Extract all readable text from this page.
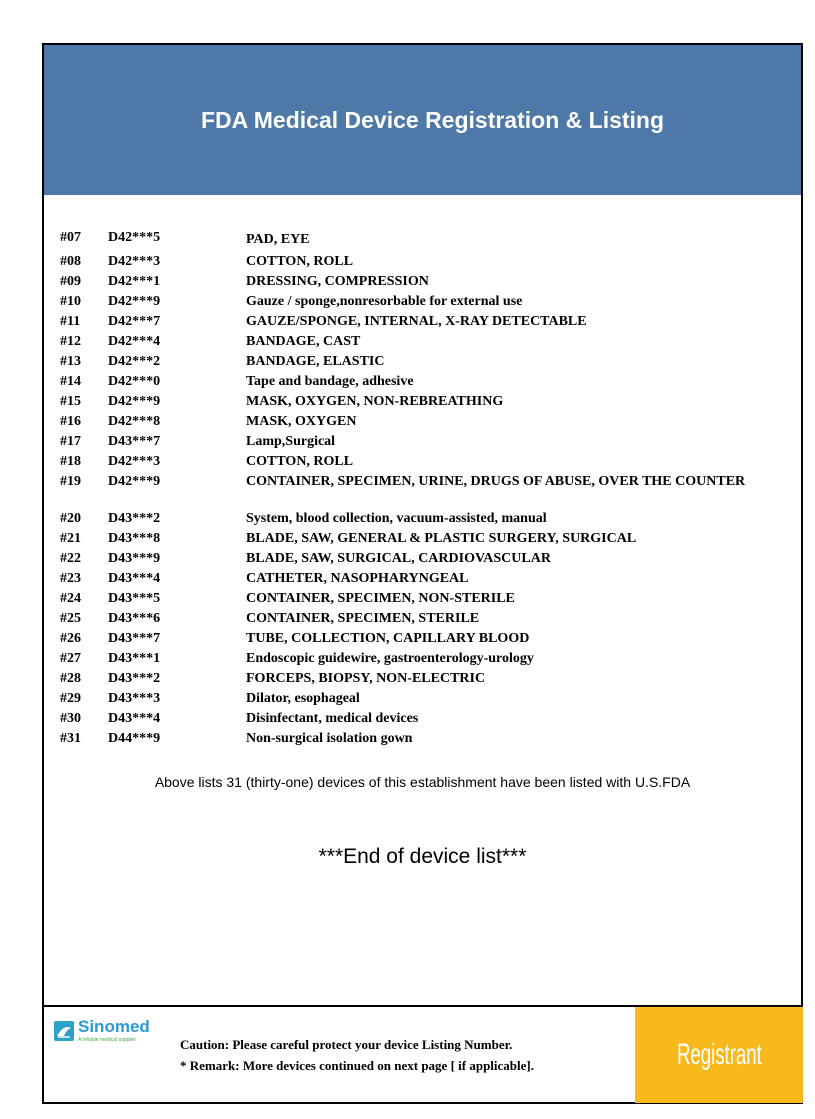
FDA Medical Device Registration & Listing
#07 D42***5	PAD, EYE
#08 D42***3	COTTON, ROLL
#09 D42***1	DRESSING, COMPRESSION
#10 D42***9	Gauze / sponge,nonresorbable for external use
#11 D42***7	GAUZE/SPONGE, INTERNAL, X-RAY DETECTABLE
#12 D42***4	BANDAGE, CAST
#13 D42***2	BANDAGE, ELASTIC
#14 D42***0	Tape and bandage, adhesive
#15 D42***9	MASK, OXYGEN, NON-REBREATHING
#16 D42***8	MASK, OXYGEN
#17 D43***7	Lamp,Surgical
#18 D42***3	COTTON, ROLL
#19 D42***9	CONTAINER, SPECIMEN, URINE, DRUGS OF ABUSE, OVER THE COUNTER
#20 D43***2	System, blood collection, vacuum-assisted, manual
#21 D43***8	BLADE, SAW, GENERAL & PLASTIC SURGERY, SURGICAL
#22 D43***9	BLADE, SAW, SURGICAL, CARDIOVASCULAR
#23 D43***4	CATHETER, NASOPHARYNGEAL
#24 D43***5	CONTAINER, SPECIMEN, NON-STERILE
#25 D43***6	CONTAINER, SPECIMEN, STERILE
#26 D43***7	TUBE, COLLECTION, CAPILLARY BLOOD
#27 D43***1	Endoscopic guidewire, gastroenterology-urology
#28 D43***2	FORCEPS, BIOPSY, NON-ELECTRIC
#29 D43***3	Dilator, esophageal
#30 D43***4	Disinfectant, medical devices
#31 D44***9	Non-surgical isolation gown
Above lists 31 (thirty-one) devices of this establishment have been listed with U.S.FDA
***End of device list***
Sinomed
A reliable medical supplier	Caution: Please careful protect your device Listing Number.
* Remark: More devices continued on next page [ if applicable].	Registrant
